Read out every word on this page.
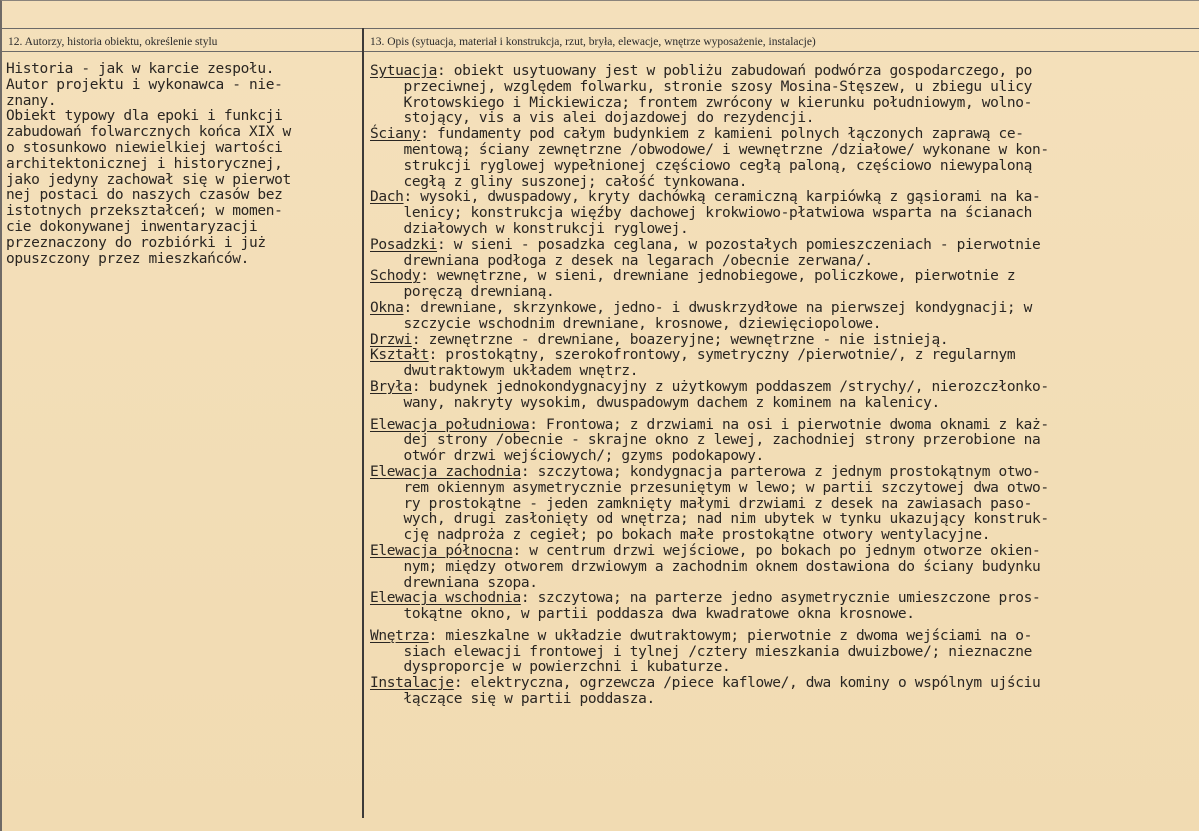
12. Autorzy, historia obiektu, określenie stylu	13. Opis (sytuacja, materiał i konstrukcja, rzut, bryła, elewacje, wnętrze wyposażenie, instalacje)
Historia - jak w karcie zespołu.
Autor projektu i wykonawca - nie-
znany.
Obiekt typowy dla epoki i funkcji
zabudowań folwarcznych końca XIX w
o stosunkowo niewielkiej wartości
architektonicznej i historycznej,
jako jedyny zachował się w pierwot
nej postaci do naszych czasów bez
istotnych przekształceń; w momen-
cie dokonywanej inwentaryzacji
przeznaczony do rozbiórki i już
opuszczony przez mieszkańców.
Sytuacja: obiekt usytuowany jest w pobliżu zabudowań podwórza gospodarczego, po
przeciwnej, względem folwarku, stronie szosy Mosina-Stęszew, u zbiegu ulicy
Krotowskiego i Mickiewicza; frontem zwrócony w kierunku południowym, wolno-
stojący, vis a vis alei dojazdowej do rezydencji.
Ściany: fundamenty pod całym budynkiem z kamieni polnych łączonych zaprawą ce-
mentową; ściany zewnętrzne /obwodowe/ i wewnętrzne /działowe/ wykonane w kon-
strukcji ryglowej wypełnionej częściowo cegłą paloną, częściowo niewypaloną
cegłą z gliny suszonej; całość tynkowana.
Dach: wysoki, dwuspadowy, kryty dachówką ceramiczną karpiówką z gąsiorami na ka-
lenicy; konstrukcja więźby dachowej krokwiowo-płatwiowa wsparta na ścianach
działowych w konstrukcji ryglowej.
Posadzki: w sieni - posadzka ceglana, w pozostałych pomieszczeniach - pierwotnie
drewniana podłoga z desek na legarach /obecnie zerwana/.
Schody: wewnętrzne, w sieni, drewniane jednobiegowe, policzkowe, pierwotnie z
poręczą drewnianą.
Okna: drewniane, skrzynkowe, jedno- i dwuskrzydłowe na pierwszej kondygnacji; w
szczycie wschodnim drewniane, krosnowe, dziewięciopolowe.
Drzwi: zewnętrzne - drewniane, boazeryjne; wewnętrzne - nie istnieją.
Kształt: prostokątny, szerokofrontowy, symetryczny /pierwotnie/, z regularnym
dwutraktowym układem wnętrz.
Bryła: budynek jednokondygnacyjny z użytkowym poddaszem /strychy/, nierozczłonko-
wany, nakryty wysokim, dwuspadowym dachem z kominem na kalenicy.
Elewacja południowa: Frontowa; z drzwiami na osi i pierwotnie dwoma oknami z każ-
dej strony /obecnie - skrajne okno z lewej, zachodniej strony przerobione na
otwór drzwi wejściowych/; gzyms podokapowy.
Elewacja zachodnia: szczytowa; kondygnacja parterowa z jednym prostokątnym otwo-
rem okiennym asymetrycznie przesuniętym w lewo; w partii szczytowej dwa otwo-
ry prostokątne - jeden zamknięty małymi drzwiami z desek na zawiasach paso-
wych, drugi zasłonięty od wnętrza; nad nim ubytek w tynku ukazujący konstruk-
cję nadproża z cegieł; po bokach małe prostokątne otwory wentylacyjne.
Elewacja północna: w centrum drzwi wejściowe, po bokach po jednym otworze okien-
nym; między otworem drzwiowym a zachodnim oknem dostawiona do ściany budynku
drewniana szopa.
Elewacja wschodnia: szczytowa; na parterze jedno asymetrycznie umieszczone pros-
tokątne okno, w partii poddasza dwa kwadratowe okna krosnowe.
Wnętrza: mieszkalne w układzie dwutraktowym; pierwotnie z dwoma wejściami na o-
siach elewacji frontowej i tylnej /cztery mieszkania dwuizbowe/; nieznaczne
dysproporcje w powierzchni i kubaturze.
Instalacje: elektryczna, ogrzewcza /piece kaflowe/, dwa kominy o wspólnym ujściu
łączące się w partii poddasza.
